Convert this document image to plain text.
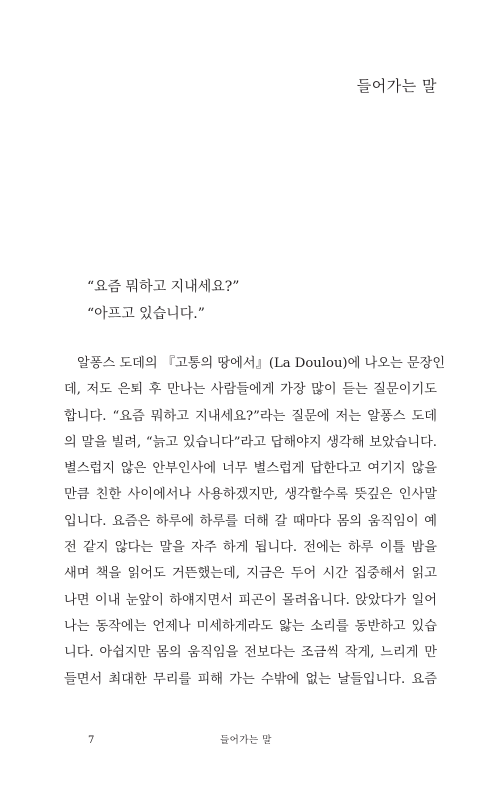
들어가는 말
“요즘 뭐하고 지내세요?”
“아프고 있습니다.”

알퐁스 도데의 『고통의 땅에서』(La Doulou)에 나오는 문장인
데, 저도 은퇴 후 만나는 사람들에게 가장 많이 듣는 질문이기도
합니다. “요즘 뭐하고 지내세요?”라는 질문에 저는 알퐁스 도데
의 말을 빌려, “늙고 있습니다”라고 답해야지 생각해 보았습니다.
별스럽지 않은 안부인사에 너무 별스럽게 답한다고 여기지 않을
만큼 친한 사이에서나 사용하겠지만, 생각할수록 뜻깊은 인사말
입니다. 요즘은 하루에 하루를 더해 갈 때마다 몸의 움직임이 예
전 같지 않다는 말을 자주 하게 됩니다. 전에는 하루 이틀 밤을
새며 책을 읽어도 거뜬했는데, 지금은 두어 시간 집중해서 읽고
나면 이내 눈앞이 하얘지면서 피곤이 몰려옵니다. 앉았다가 일어
나는 동작에는 언제나 미세하게라도 앓는 소리를 동반하고 있습
니다. 아쉽지만 몸의 움직임을 전보다는 조금씩 작게, 느리게 만
들면서 최대한 무리를 피해 가는 수밖에 없는 날들입니다. 요즘

7	들어가는 말
